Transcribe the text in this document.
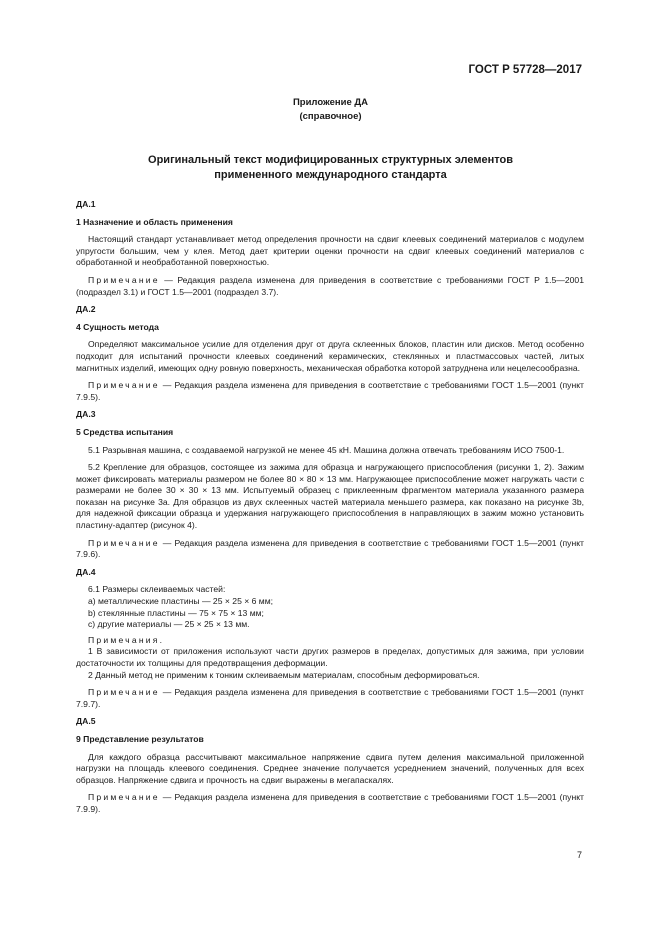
ГОСТ Р 57728—2017
Приложение ДА
(справочное)
Оригинальный текст модифицированных структурных элементов
примененного международного стандарта

ДА.1

1 Назначение и область применения

Настоящий стандарт устанавливает метод определения прочности на сдвиг клеевых соединений материалов с модулем упругости большим, чем у клея. Метод дает критерии оценки прочности на сдвиг клеевых соединений материалов с обработанной и необработанной поверхностью.

Примечание — Редакция раздела изменена для приведения в соответствие с требованиями ГОСТ Р 1.5—2001 (подраздел 3.1) и ГОСТ 1.5—2001 (подраздел 3.7).

ДА.2

4 Сущность метода

Определяют максимальное усилие для отделения друг от друга склеенных блоков, пластин или дисков. Метод особенно подходит для испытаний прочности клеевых соединений керамических, стеклянных и пластмассовых частей, литых магнитных изделий, имеющих одну ровную поверхность, механическая обработка которой затруднена или нецелесообразна.

Примечание — Редакция раздела изменена для приведения в соответствие с требованиями ГОСТ 1.5—2001 (пункт 7.9.5).

ДА.3

5 Средства испытания

5.1 Разрывная машина, с создаваемой нагрузкой не менее 45 кН. Машина должна отвечать требованиям ИСО 7500-1.

5.2 Крепление для образцов, состоящее из зажима для образца и нагружающего приспособления (рисунки 1, 2). Зажим может фиксировать материалы размером не более 80 × 80 × 13 мм. Нагружающее приспособление может нагружать части с размерами не более 30 × 30 × 13 мм. Испытуемый образец с приклеенным фрагментом материала указанного размера показан на рисунке 3а. Для образцов из двух склеенных частей материала меньшего размера, как показано на рисунке 3b, для надежной фиксации образца и удержания нагружающего приспособления в направляющих в зажим можно установить пластину-адаптер (рисунок 4).

Примечание — Редакция раздела изменена для приведения в соответствие с требованиями ГОСТ 1.5—2001 (пункт 7.9.6).

ДА.4

6.1 Размеры склеиваемых частей:

а) металлические пластины — 25 × 25 × 6 мм;

b) стеклянные пластины — 75 × 75 × 13 мм;

с) другие материалы — 25 × 25 × 13 мм.

Примечания.

1 В зависимости от приложения используют части других размеров в пределах, допустимых для зажима, при условии достаточности их толщины для предотвращения деформации.

2 Данный метод не применим к тонким склеиваемым материалам, способным деформироваться.

Примечание — Редакция раздела изменена для приведения в соответствие с требованиями ГОСТ 1.5—2001 (пункт 7.9.7).

ДА.5

9 Представление результатов

Для каждого образца рассчитывают максимальное напряжение сдвига путем деления максимальной приложенной нагрузки на площадь клеевого соединения. Среднее значение получается усреднением значений, полученных для всех образцов. Напряжение сдвига и прочность на сдвиг выражены в мегапаскалях.

Примечание — Редакция раздела изменена для приведения в соответствие с требованиями ГОСТ 1.5—2001 (пункт 7.9.9).

7
